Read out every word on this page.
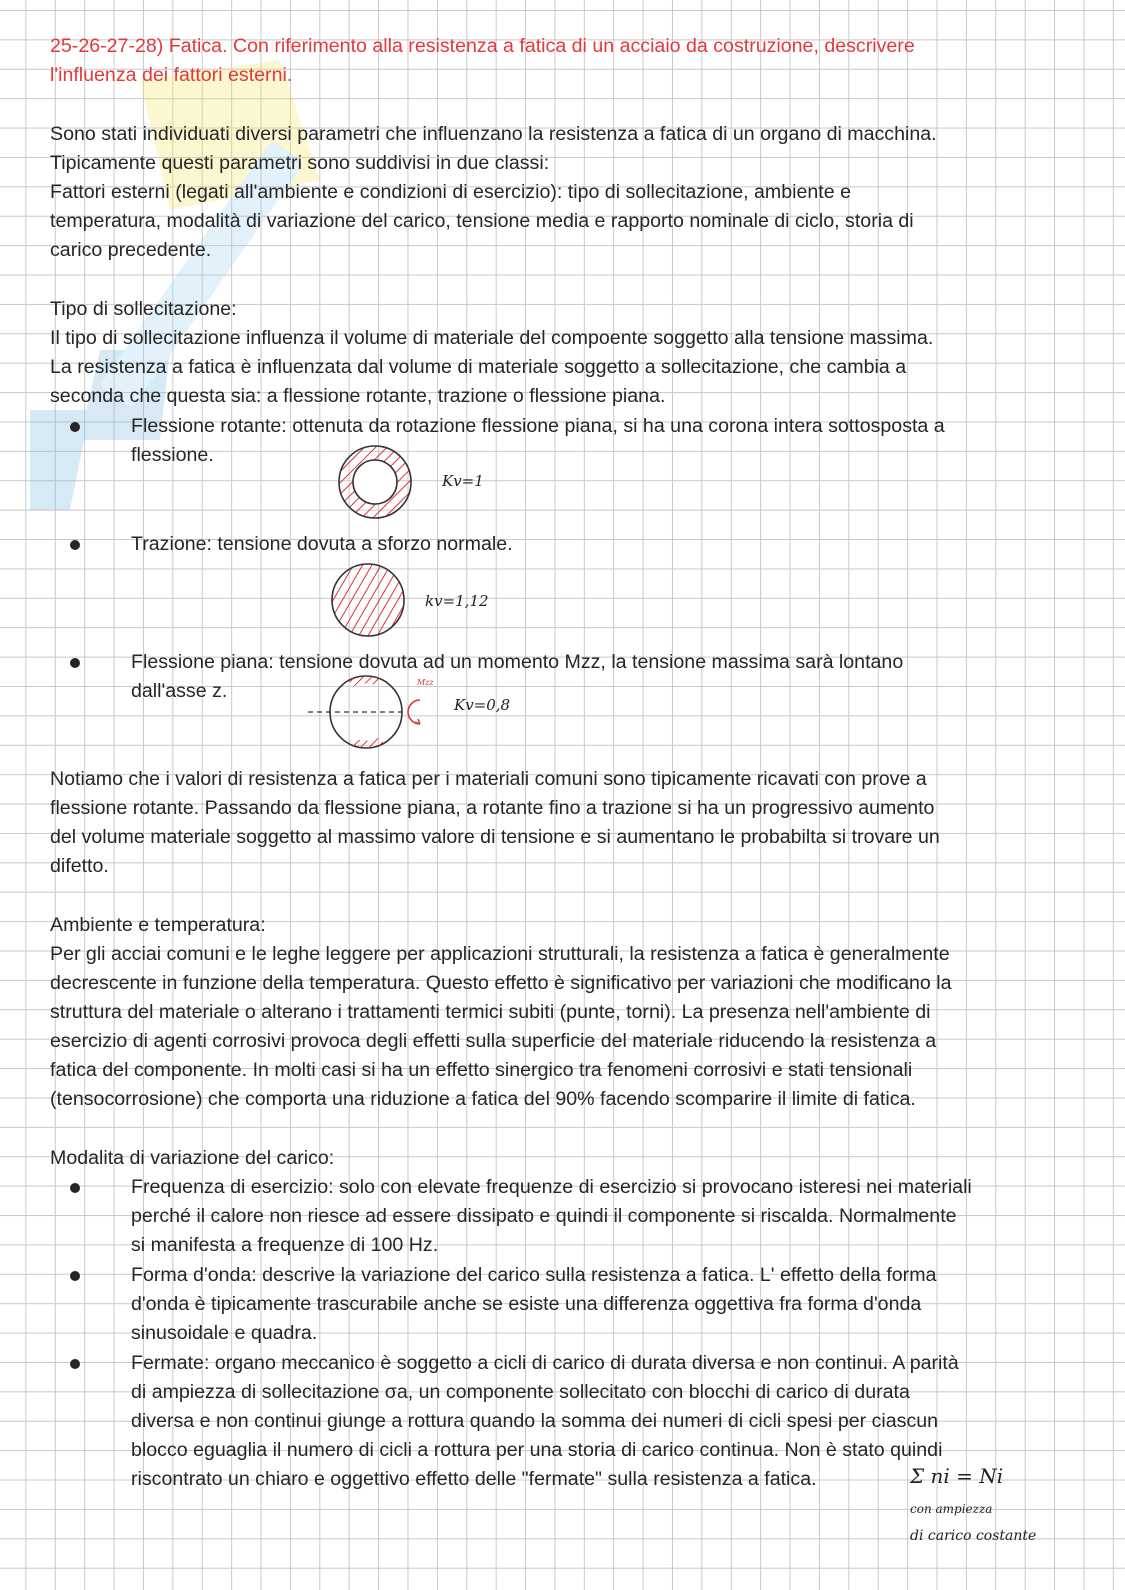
25-26-27-28) Fatica. Con riferimento alla resistenza a fatica di un acciaio da costruzione, descrivere
l'influenza dei fattori esterni.
Sono stati individuati diversi parametri che influenzano la resistenza a fatica di un organo di macchina.
Tipicamente questi parametri sono suddivisi in due classi:
Fattori esterni (legati all'ambiente e condizioni di esercizio): tipo di sollecitazione, ambiente e
temperatura, modalità di variazione del carico, tensione media e rapporto nominale di ciclo, storia di
carico precedente.
Tipo di sollecitazione:
Il tipo di sollecitazione influenza il volume di materiale del compoente soggetto alla tensione massima.
La resistenza a fatica è influenzata dal volume di materiale soggetto a sollecitazione, che cambia a
seconda che questa sia: a flessione rotante, trazione o flessione piana.
Flessione rotante: ottenuta da rotazione flessione piana, si ha una corona intera sottosposta a
flessione.
Kv=1
Trazione: tensione dovuta a sforzo normale.
kv=1,12
Flessione piana: tensione dovuta ad un momento Mzz, la tensione massima sarà lontano
dall'asse z.	Mzz
Kv=0,8
Notiamo che i valori di resistenza a fatica per i materiali comuni sono tipicamente ricavati con prove a
flessione rotante. Passando da flessione piana, a rotante fino a trazione si ha un progressivo aumento
del volume materiale soggetto al massimo valore di tensione e si aumentano le probabilta si trovare un
difetto.
Ambiente e temperatura:
Per gli acciai comuni e le leghe leggere per applicazioni strutturali, la resistenza a fatica è generalmente
decrescente in funzione della temperatura. Questo effetto è significativo per variazioni che modificano la
struttura del materiale o alterano i trattamenti termici subiti (punte, torni). La presenza nell'ambiente di
esercizio di agenti corrosivi provoca degli effetti sulla superficie del materiale riducendo la resistenza a
fatica del componente. In molti casi si ha un effetto sinergico tra fenomeni corrosivi e stati tensionali
(tensocorrosione) che comporta una riduzione a fatica del 90% facendo scomparire il limite di fatica.
Modalita di variazione del carico:
Frequenza di esercizio: solo con elevate frequenze di esercizio si provocano isteresi nei materiali
perché il calore non riesce ad essere dissipato e quindi il componente si riscalda. Normalmente
si manifesta a frequenze di 100 Hz.
Forma d'onda: descrive la variazione del carico sulla resistenza a fatica. L' effetto della forma
d'onda è tipicamente trascurabile anche se esiste una differenza oggettiva fra forma d'onda
sinusoidale e quadra.
Fermate: organo meccanico è soggetto a cicli di carico di durata diversa e non continui. A parità
di ampiezza di sollecitazione σa, un componente sollecitato con blocchi di carico di durata
diversa e non continui giunge a rottura quando la somma dei numeri di cicli spesi per ciascun
blocco eguaglia il numero di cicli a rottura per una storia di carico continua. Non è stato quindi
riscontrato un chiaro e oggettivo effetto delle "fermate" sulla resistenza a fatica.	Σ ni = Ni
con ampiezza
di carico costante
